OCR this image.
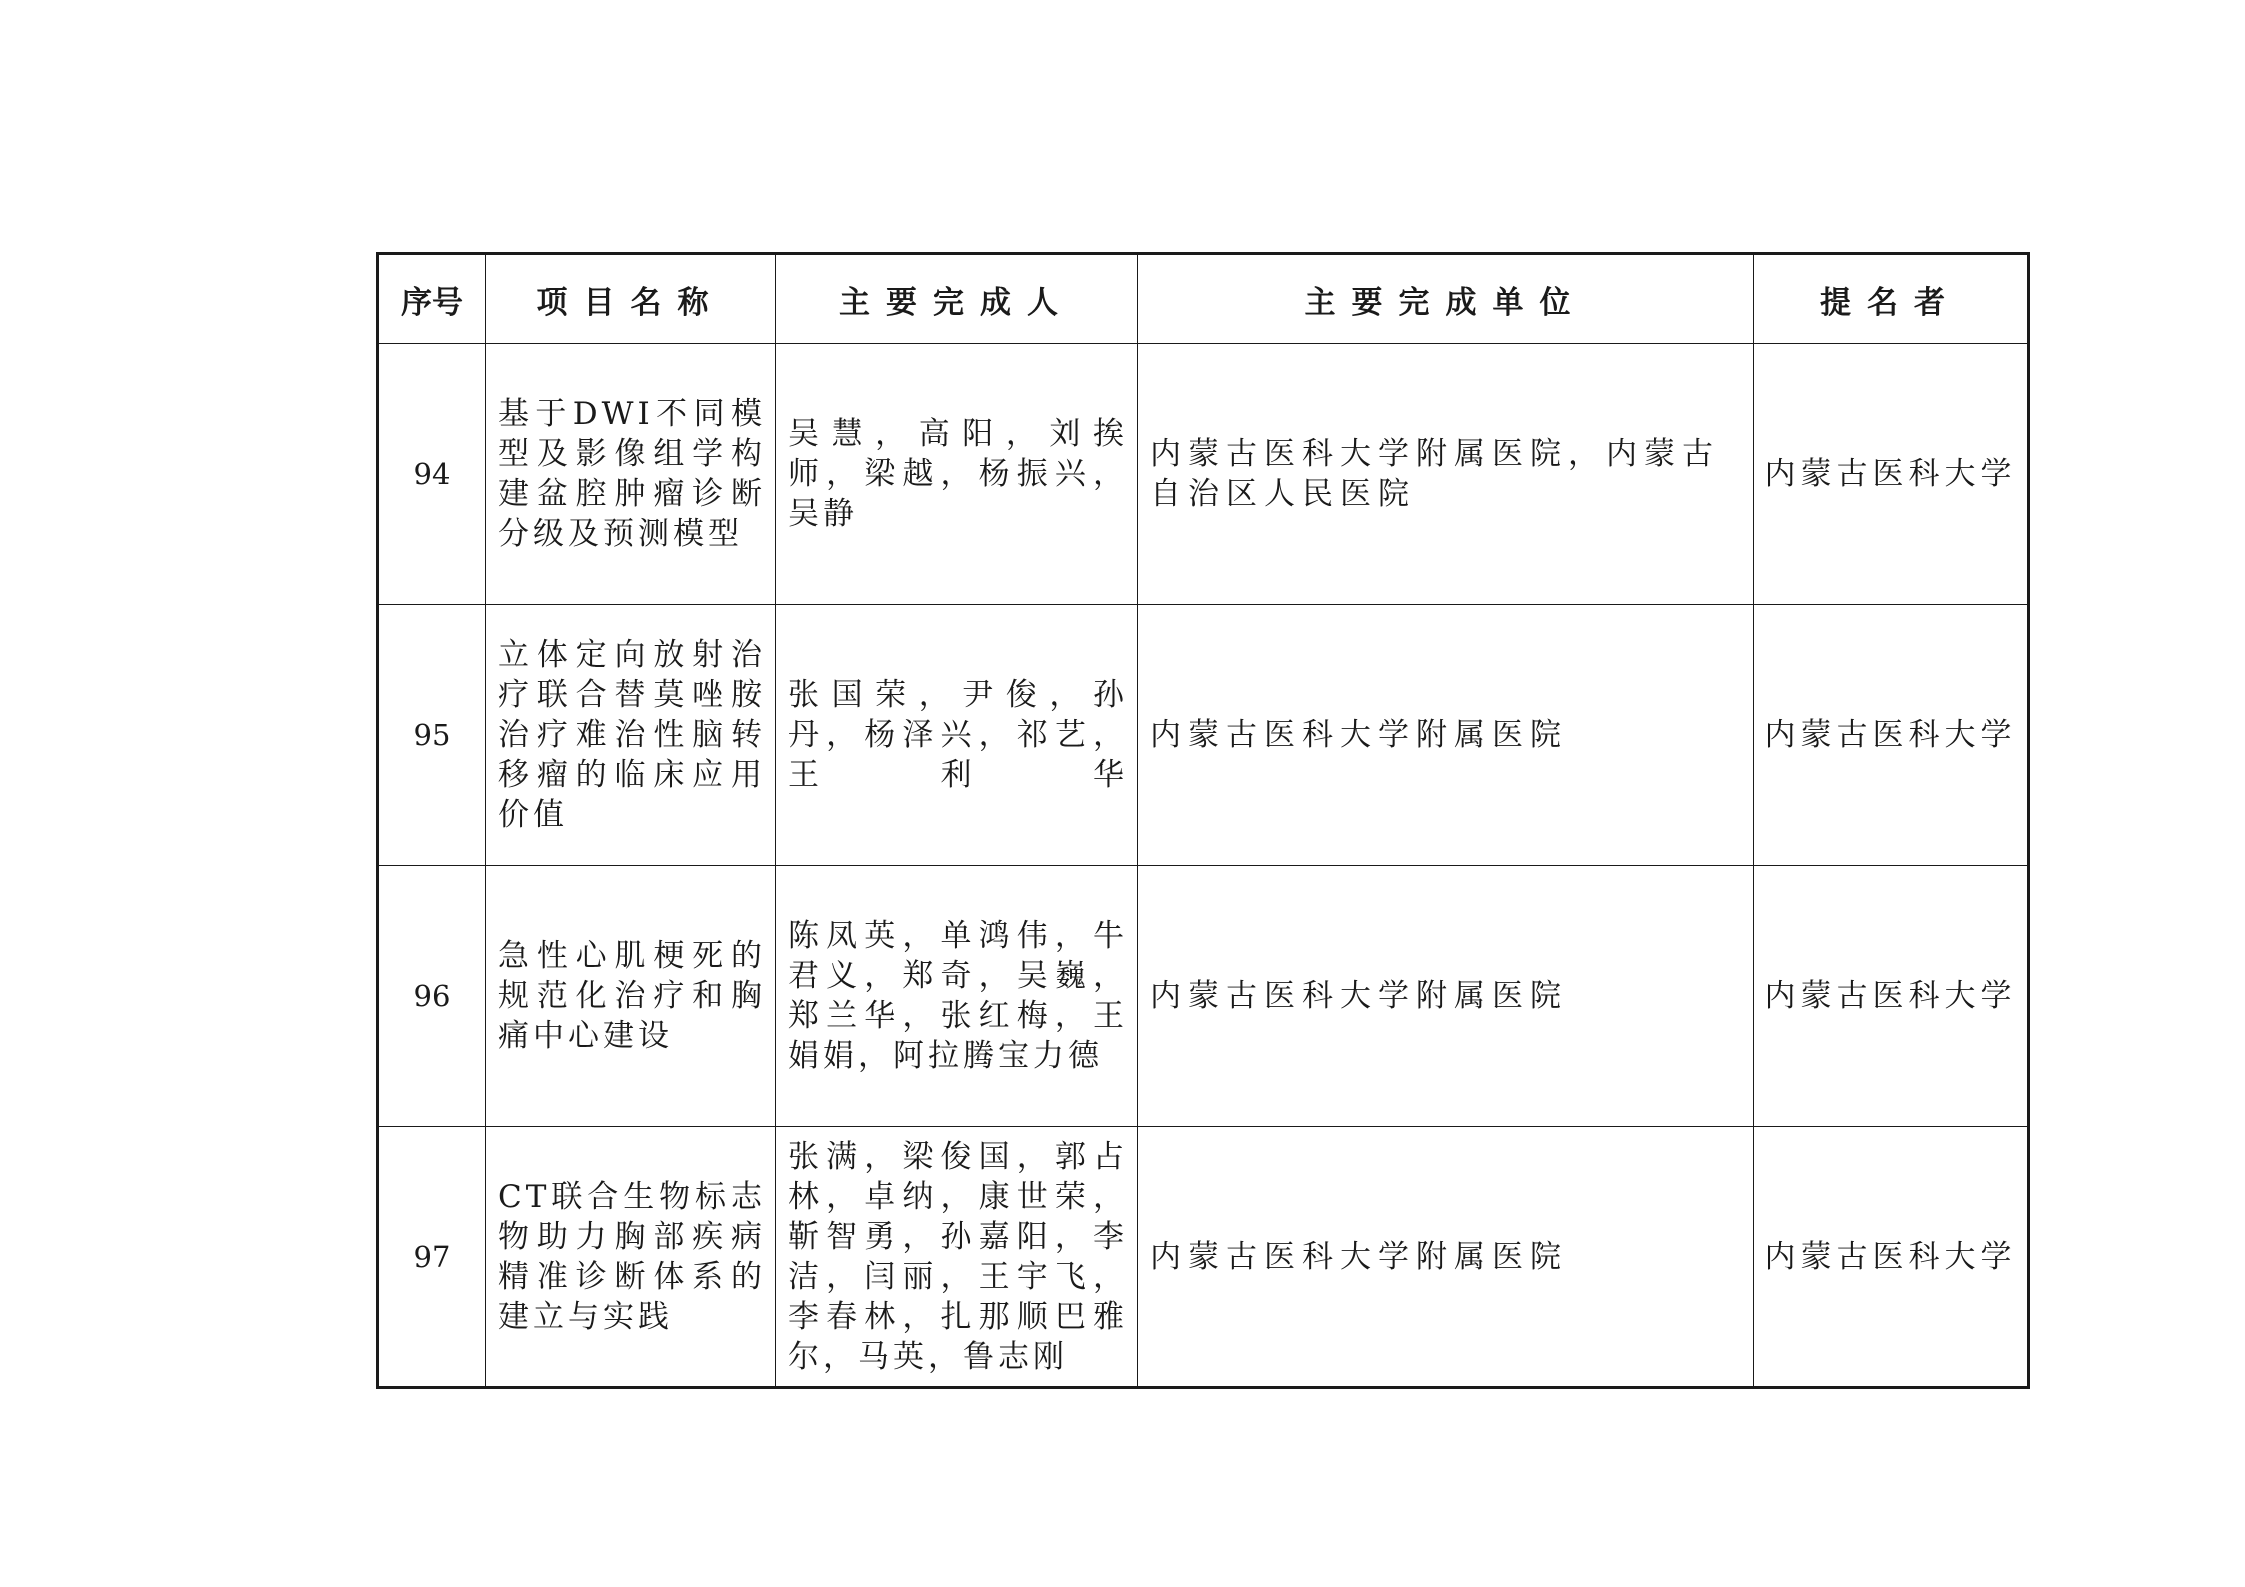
序号	项目名称	主要完成人	主要完成单位	提名者
94	基于DWI不同模型及影像组学构建盆腔肿瘤诊断分级及预测模型	吴慧，高阳，刘挨师，梁越，杨振兴，吴静	内蒙古医科大学附属医院，内蒙古自治区人民医院	内蒙古医科大学
95	立体定向放射治疗联合替莫唑胺治疗难治性脑转移瘤的临床应用价值	张国荣，尹俊，孙丹，杨泽兴，祁艺，王利华	内蒙古医科大学附属医院	内蒙古医科大学
96	急性心肌梗死的规范化治疗和胸痛中心建设	陈凤英，单鸿伟，牛君义，郑奇，吴巍，郑兰华，张红梅，王娟娟，阿拉腾宝力德	内蒙古医科大学附属医院	内蒙古医科大学
97	CT联合生物标志物助力胸部疾病精准诊断体系的建立与实践	张满，梁俊国，郭占林，卓纳，康世荣，靳智勇，孙嘉阳，李洁，闫丽，王宇飞，李春林，扎那顺巴雅尔，马英，鲁志刚	内蒙古医科大学附属医院	内蒙古医科大学
